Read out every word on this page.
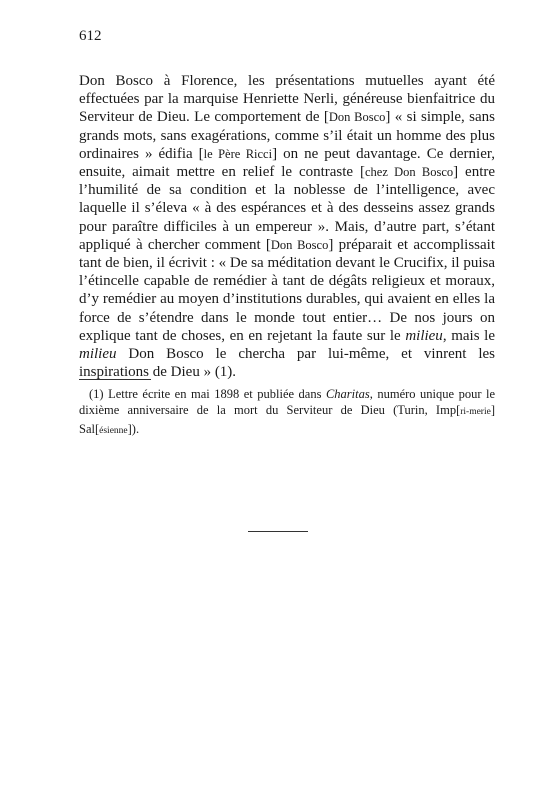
612

Don Bosco à Florence, les présentations mutuelles ayant été effectuées par la marquise Henriette Nerli, généreuse bienfaitrice du Serviteur de Dieu. Le comportement de [Don Bosco] « si simple, sans grands mots, sans exagérations, comme s’il était un homme des plus ordinaires » édifia [le Père Ricci] on ne peut davantage. Ce dernier, ensuite, aimait mettre en relief le contraste [chez Don Bosco] entre l’humilité de sa condition et la noblesse de l’intelligence, avec laquelle il s’éleva « à des espérances et à des desseins assez grands pour paraître difficiles à un empereur ». Mais, d’autre part, s’étant appliqué à chercher comment [Don Bosco] préparait et accomplissait tant de bien, il écrivit : « De sa méditation devant le Crucifix, il puisa l’étincelle capable de remédier à tant de dégâts religieux et moraux, d’y remédier au moyen d’institutions durables, qui avaient en elles la force de s’étendre dans le monde tout entier… De nos jours on explique tant de choses, en en rejetant la faute sur le milieu, mais le milieu Don Bosco le chercha par lui-même, et vinrent les inspirations de Dieu » (1).

(1) Lettre écrite en mai 1898 et publiée dans Charitas, numéro unique pour le dixième anniversaire de la mort du Serviteur de Dieu (Turin, Imp[ri-merie] Sal[ésienne]).
